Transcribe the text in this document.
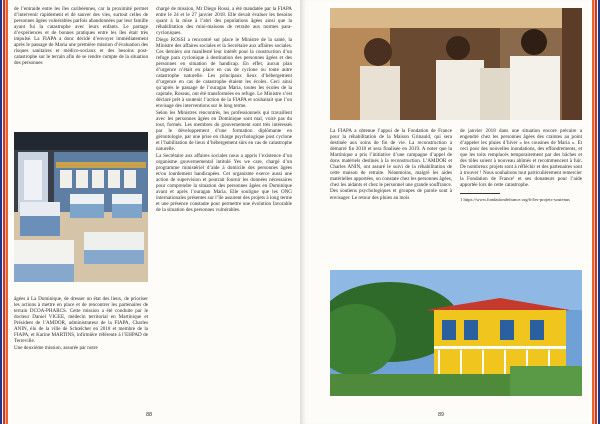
de l’entraide entre les îles caribéennes, car la proximité permet d’intervenir rapidement et de sauver des vies, surtout celles de personnes âgées vulnérables parfois abandonnées par leur famille ayant fui la catastrophe avec leurs enfants. Le partage d’expériences et de bonnes pratiques entre les îles était très impulsé. La FIAPA a donc décidé d’envoyer immédiatement après le passage de Maria une première mission d’évaluation des risques sanitaires et médico-sociaux et des besoins post-catastrophe sur le terrain afin de se rendre compte de la situation des personnes

âgées à La Dominique, de dresser un état des lieux, de prioriser les actions à mettre en place et de rencontrer les partenaires de terrain DCOA-PHARCS. Cette mission a été conduite par le docteur Daniel VIGEE, médecin territorial en Martinique et Président de l’AMDOR, administrateur de la FIAPA, Charles ANIN, élu de la ville de Schœlcher en 2018 et membre de la FIAPA, et Karine MARTINS, infirmière référente à l’EHPAD de Terreville.

Une deuxième mission, assurée par notre

chargé de mission, Mr Diego Rossi, a été mandatée par la FIAPA entre le 24 et le 27 janvier 2018. Elle devait évaluer les besoins quant à la mise à l’abri des populations âgées ainsi que la réhabilitation des mini-maisons de retraite aux normes para-cycloniques.

Diego ROSSI a rencontré sur place le Ministre de la santé, la Ministre des affaires sociales et la Secrétaire aux affaires sociales. Ces derniers ont manifesté leur intérêt pour la construction d’un refuge para cyclonique à destination des personnes âgées et des personnes en situation de handicap. En effet, aucun plan d’urgence n’était en place en cas de cyclone ou toute autre catastrophe naturelle. Les principaux lieux d’hébergement d’urgence en cas de catastrophe étaient les écoles. Ceci ainsi qu’après le passage de l’ouragan Maria, toutes les écoles de la capitale, Roseau, ont été transformées en refuge. Le Ministre s’est déclaré prêt à soutenir l’action de la FIAPA et souhaitait que l’on envisage des interventions sur le long terme.

Selon les Ministres rencontrés, les professionnels qui travaillent avec les personnes âgées en Dominique sont mal, voire pas du tout, formés. Les membres du gouvernement sont très intéressés par le développement d’une formation diplômante en gérontologie, par une prise en charge psychologique post cyclone et l’habilitation de lieux d’hébergement sûrs en cas de catastrophe naturelle.

La Secrétaire aux affaires sociales nous a appris l’existence d’un organisme gouvernemental intitulé Yes we care, chargé d’un programme ministériel d’aide à domicile des personnes âgées et/ou lourdement handicapées. Cet organisme exerce aussi une action de supervision et pourrait fournir les données nécessaires pour comprendre la situation des personnes âgées en Dominique avant et après l’ouragan Maria. Elle souligne que les ONG internationales présentes sur l’île assurent des projets à long terme et une présence constante pour permettre une évolution favorable de la situation des personnes vulnérables.

88

La FIAPA a obtenue l’appui de la Fondation de France pour la réhabilitation de la Maison Grinauld, qui sera destinée aux soins de fin de vie. La reconstruction a démarré fin 2018 et sera finalisée en 2019. A noter que la Martinique a pris l’initiative d’une campagne d’appel de dons matériels destinés à la reconstruction. L’AMDOR et Charles ANIN, ont assuré le suivi de la réhabilitation de cette maison de retraite. Néanmoins, malgré les aides matérielles apportées, on constate chez les personnes âgées, chez les aidants et chez le personnel une grande souffrance. Des soutiens psychologiques et groupes de parole sont à envisager. Le retour des pluies au mois

de janvier 2018 dans une situation encore précaire a engendré chez les personnes âgées des craintes au point d’appeler les pluies d’hiver « les cousines de Maria ». Et ceci pour des nouvelles inondations, des effondrements, et que les toits remplacés temporairement par des bâches et des tôles soient à nouveau abîmés et recommencent à fuir. De nombreux projets sont à réfléchir et des partenaires sont à trouver ! Nous souhaitons tout particulièrement remercier la Fondation de France¹ et ses donateurs pour l’aide apportée lors de cette catastrophe.

1 https://www.fondationdefrance.org/fr/les-projets-soutenus

89
